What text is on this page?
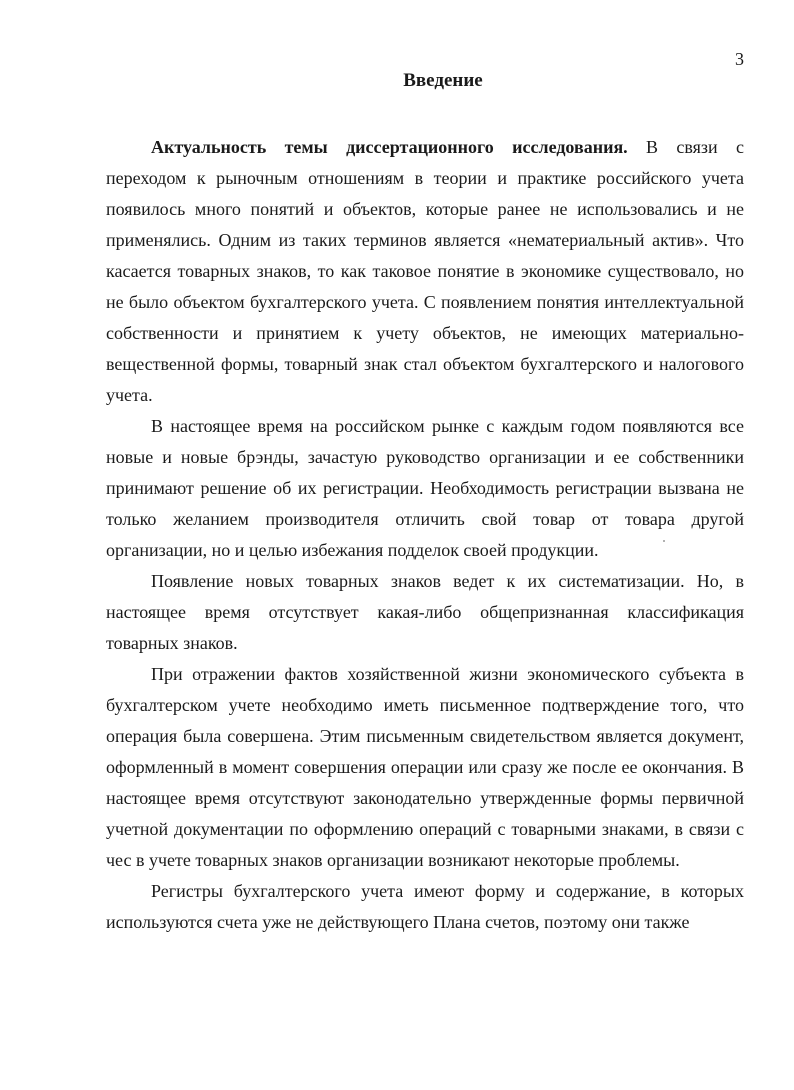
3
Введение

Актуальность темы диссертационного исследования. В связи с переходом к рыночным отношениям в теории и практике российского учета появилось много понятий и объектов, которые ранее не использовались и не применялись. Одним из таких терминов является «нематериальный актив». Что касается товарных знаков, то как таковое понятие в экономике существовало, но не было объектом бухгалтерского учета. С появлением понятия интеллектуальной собственности и принятием к учету объектов, не имеющих материально-вещественной формы, товарный знак стал объектом бухгалтерского и налогового учета.

В настоящее время на российском рынке с каждым годом появляются все новые и новые брэнды, зачастую руководство организации и ее собственники принимают решение об их регистрации. Необходимость регистрации вызвана не только желанием производителя отличить свой товар от товара другой организации, но и целью избежания подделок своей продукции.

Появление новых товарных знаков ведет к их систематизации. Но, в настоящее время отсутствует какая-либо общепризнанная классификация товарных знаков.

При отражении фактов хозяйственной жизни экономического субъекта в бухгалтерском учете необходимо иметь письменное подтверждение того, что операция была совершена. Этим письменным свидетельством является документ, оформленный в момент совершения операции или сразу же после ее окончания. В настоящее время отсутствуют законодательно утвержденные формы первичной учетной документации по оформлению операций с товарными знаками, в связи с чес в учете товарных знаков организации возникают некоторые проблемы.

Регистры бухгалтерского учета имеют форму и содержание, в которых используются счета уже не действующего Плана счетов, поэтому они также
